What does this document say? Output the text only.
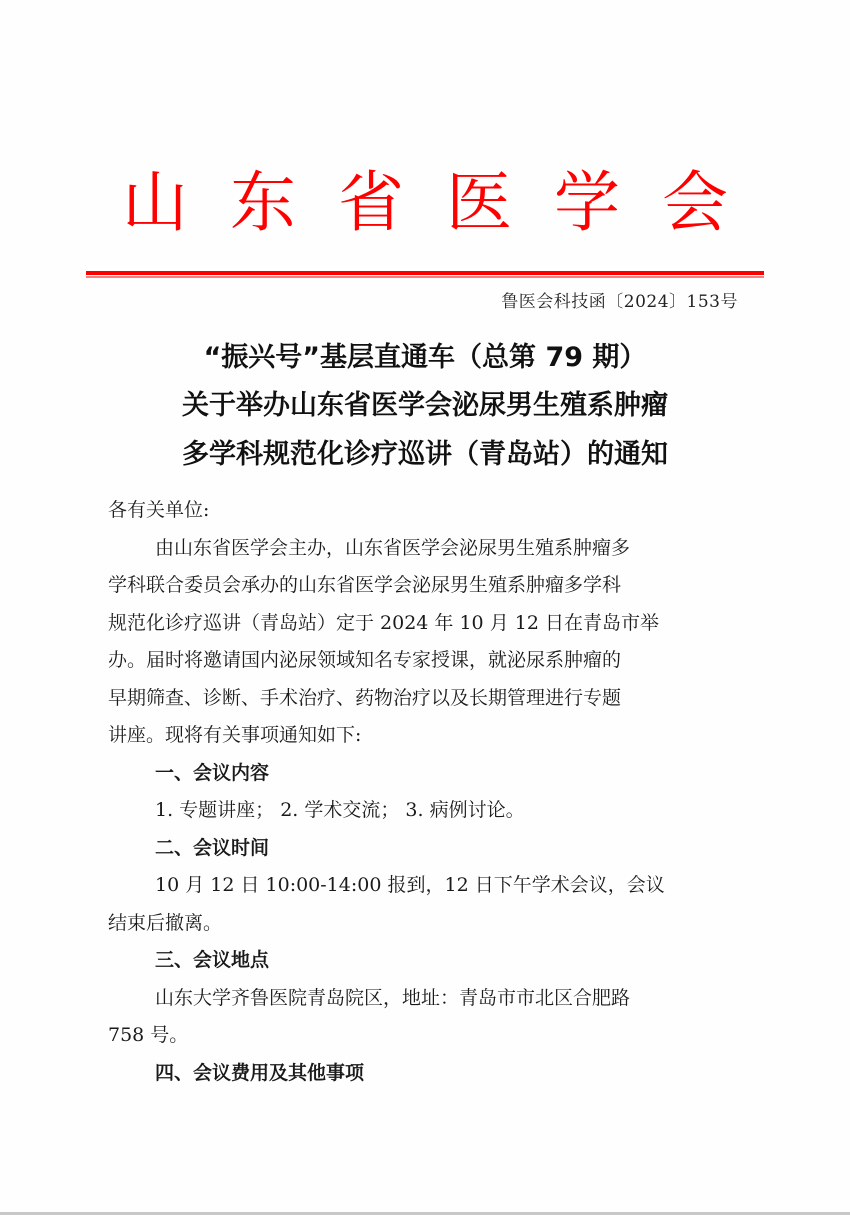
山 东 省 医 学 会
鲁医会科技函〔2024〕153号
“振兴号”基层直通车（总第 79 期）
关于举办山东省医学会泌尿男生殖系肿瘤
多学科规范化诊疗巡讲（青岛站）的通知

各有关单位:

由山东省医学会主办，山东省医学会泌尿男生殖系肿瘤多
学科联合委员会承办的山东省医学会泌尿男生殖系肿瘤多学科
规范化诊疗巡讲（青岛站）定于 2024 年 10 月 12 日在青岛市举
办。届时将邀请国内泌尿领域知名专家授课，就泌尿系肿瘤的
早期筛查、诊断、手术治疗、药物治疗以及长期管理进行专题
讲座。现将有关事项通知如下:

一、会议内容

1. 专题讲座； 2. 学术交流； 3. 病例讨论。

二、会议时间

10 月 12 日 10:00-14:00 报到，12 日下午学术会议，会议
结束后撤离。

三、会议地点

山东大学齐鲁医院青岛院区，地址：青岛市市北区合肥路
758 号。

四、会议费用及其他事项
